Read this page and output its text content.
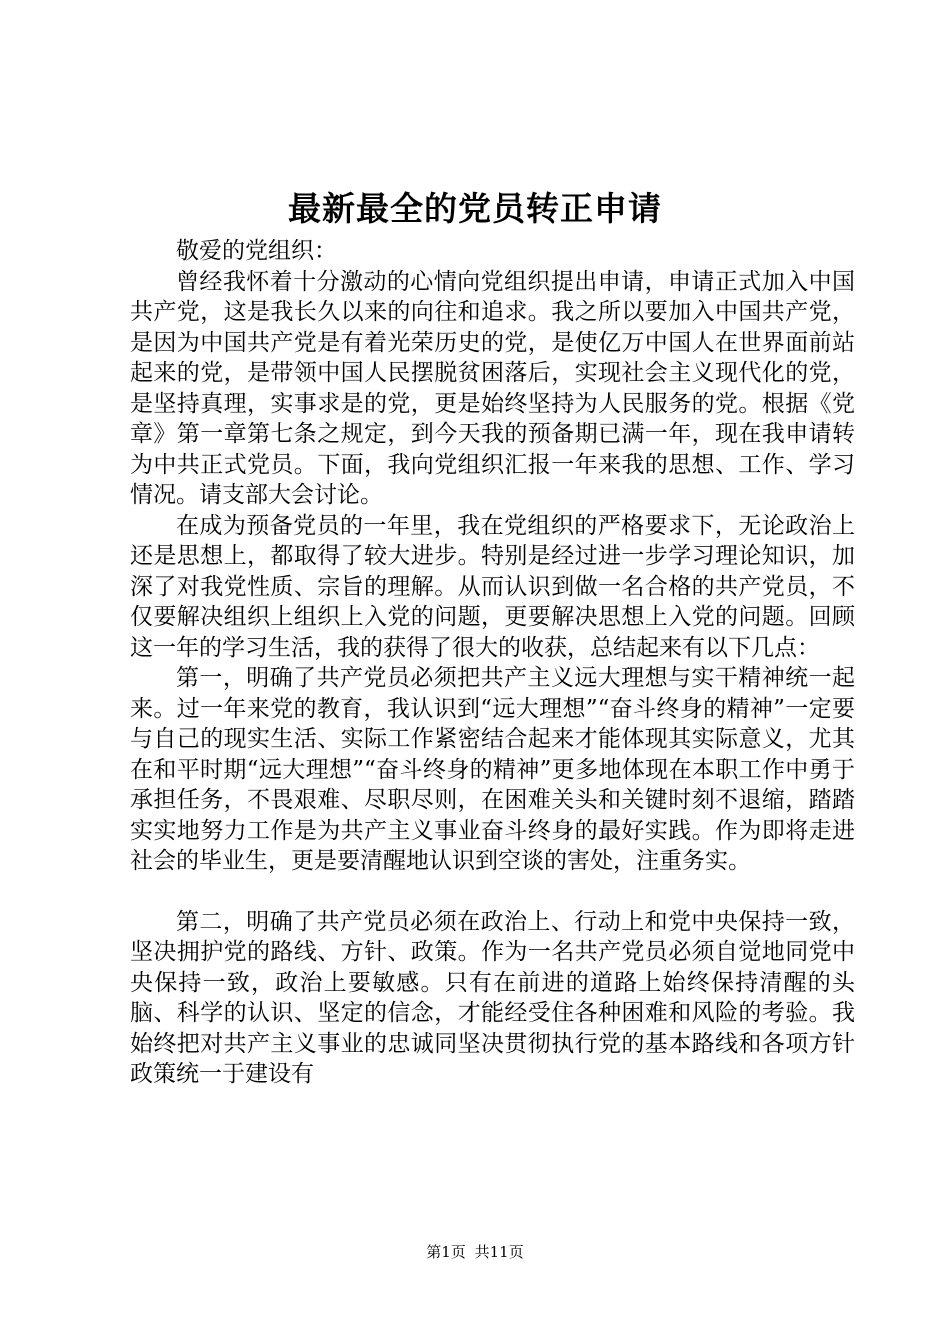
最新最全的党员转正申请

敬爱的党组织：

曾经我怀着十分激动的心情向党组织提出申请，申请正式加入中国共产党，这是我长久以来的向往和追求。我之所以要加入中国共产党，是因为中国共产党是有着光荣历史的党，是使亿万中国人在世界面前站起来的党，是带领中国人民摆脱贫困落后，实现社会主义现代化的党，是坚持真理，实事求是的党，更是始终坚持为人民服务的党。根据《党章》第一章第七条之规定，到今天我的预备期已满一年，现在我申请转为中共正式党员。下面，我向党组织汇报一年来我的思想、工作、学习情况。请支部大会讨论。

在成为预备党员的一年里，我在党组织的严格要求下，无论政治上还是思想上，都取得了较大进步。特别是经过进一步学习理论知识，加深了对我党性质、宗旨的理解。从而认识到做一名合格的共产党员，不仅要解决组织上组织上入党的问题，更要解决思想上入党的问题。回顾这一年的学习生活，我的获得了很大的收获，总结起来有以下几点：

第一，明确了共产党员必须把共产主义远大理想与实干精神统一起来。过一年来党的教育，我认识到“远大理想”“奋斗终身的精神”一定要与自己的现实生活、实际工作紧密结合起来才能体现其实际意义，尤其在和平时期“远大理想”“奋斗终身的精神”更多地体现在本职工作中勇于承担任务，不畏艰难、尽职尽则，在困难关头和关键时刻不退缩，踏踏实实地努力工作是为共产主义事业奋斗终身的最好实践。作为即将走进社会的毕业生，更是要清醒地认识到空谈的害处，注重务实。

第二，明确了共产党员必须在政治上、行动上和党中央保持一致，坚决拥护党的路线、方针、政策。作为一名共产党员必须自觉地同党中央保持一致，政治上要敏感。只有在前进的道路上始终保持清醒的头脑、科学的认识、坚定的信念，才能经受住各种困难和风险的考验。我始终把对共产主义事业的忠诚同坚决贯彻执行党的基本路线和各项方针政策统一于建设有

第1页 共11页
